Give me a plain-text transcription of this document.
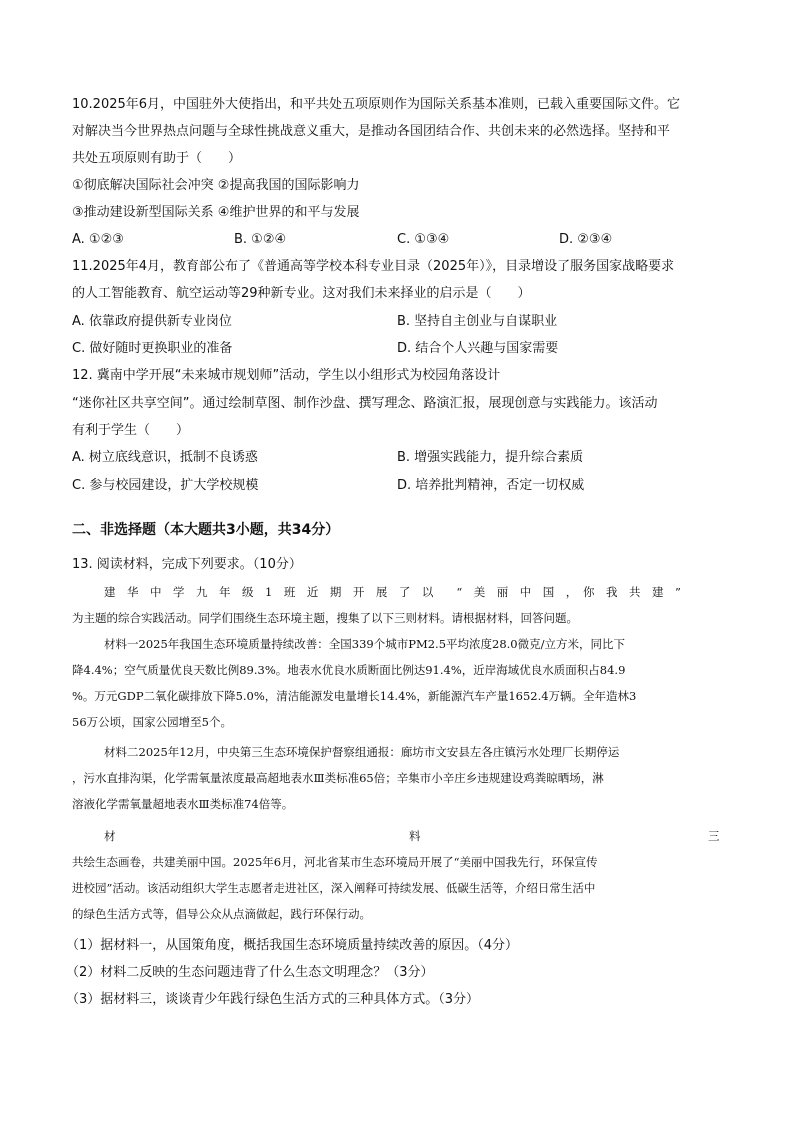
10.2025年6月，中国驻外大使指出，和平共处五项原则作为国际关系基本准则，已载入重要国际文件。它
对解决当今世界热点问题与全球性挑战意义重大，是推动各国团结合作、共创未来的必然选择。坚持和平
共处五项原则有助于（　　）
①彻底解决国际社会冲突 ②提高我国的国际影响力
③推动建设新型国际关系 ④维护世界的和平与发展
A. ①②③	B. ①②④	C. ①③④	D. ②③④
11.2025年4月，教育部公布了《普通高等学校本科专业目录（2025年）》，目录增设了服务国家战略要求
的人工智能教育、航空运动等29种新专业。这对我们未来择业的启示是（　　）
A. 依靠政府提供新专业岗位	B. 坚持自主创业与自谋职业
C. 做好随时更换职业的准备	D. 结合个人兴趣与国家需要
12. 冀南中学开展“未来城市规划师”活动，学生以小组形式为校园角落设计
“迷你社区共享空间”。通过绘制草图、制作沙盘、撰写理念、路演汇报，展现创意与实践能力。该活动
有利于学生（　　）
A. 树立底线意识，抵制不良诱惑	B. 增强实践能力，提升综合素质
C. 参与校园建设，扩大学校规模	D. 培养批判精神，否定一切权威
二、非选择题（本大题共3小题，共34分）
13. 阅读材料，完成下列要求。（10分）
建　华　中　学　九　年　级　1　班　近　期　开　展　了　以　　“　美　丽　中　国　，　你　我　共　建　”
为主题的综合实践活动。同学们围绕生态环境主题，搜集了以下三则材料。请根据材料，回答问题。
材料一2025年我国生态环境质量持续改善：全国339个城市PM2.5平均浓度28.0微克/立方米，同比下
降4.4%；空气质量优良天数比例89.3%。地表水优良水质断面比例达91.4%，近岸海域优良水质面积占84.9
%。万元GDP二氧化碳排放下降5.0%，清洁能源发电量增长14.4%，新能源汽车产量1652.4万辆。全年造林3
56万公顷，国家公园增至5个。
材料二2025年12月，中央第三生态环境保护督察组通报：廊坊市文安县左各庄镇污水处理厂长期停运
，污水直排沟渠，化学需氧量浓度最高超地表水Ⅲ类标准65倍；辛集市小辛庄乡违规建设鸡粪晾晒场，淋
溶液化学需氧量超地表水Ⅲ类标准74倍等。
材	料	三
共绘生态画卷，共建美丽中国。2025年6月，河北省某市生态环境局开展了“美丽中国我先行，环保宣传
进校园”活动。该活动组织大学生志愿者走进社区，深入阐释可持续发展、低碳生活等，介绍日常生活中
的绿色生活方式等，倡导公众从点滴做起，践行环保行动。
（1）据材料一，从国策角度，概括我国生态环境质量持续改善的原因。（4分）
（2）材料二反映的生态问题违背了什么生态文明理念？（3分）
（3）据材料三，谈谈青少年践行绿色生活方式的三种具体方式。（3分）
